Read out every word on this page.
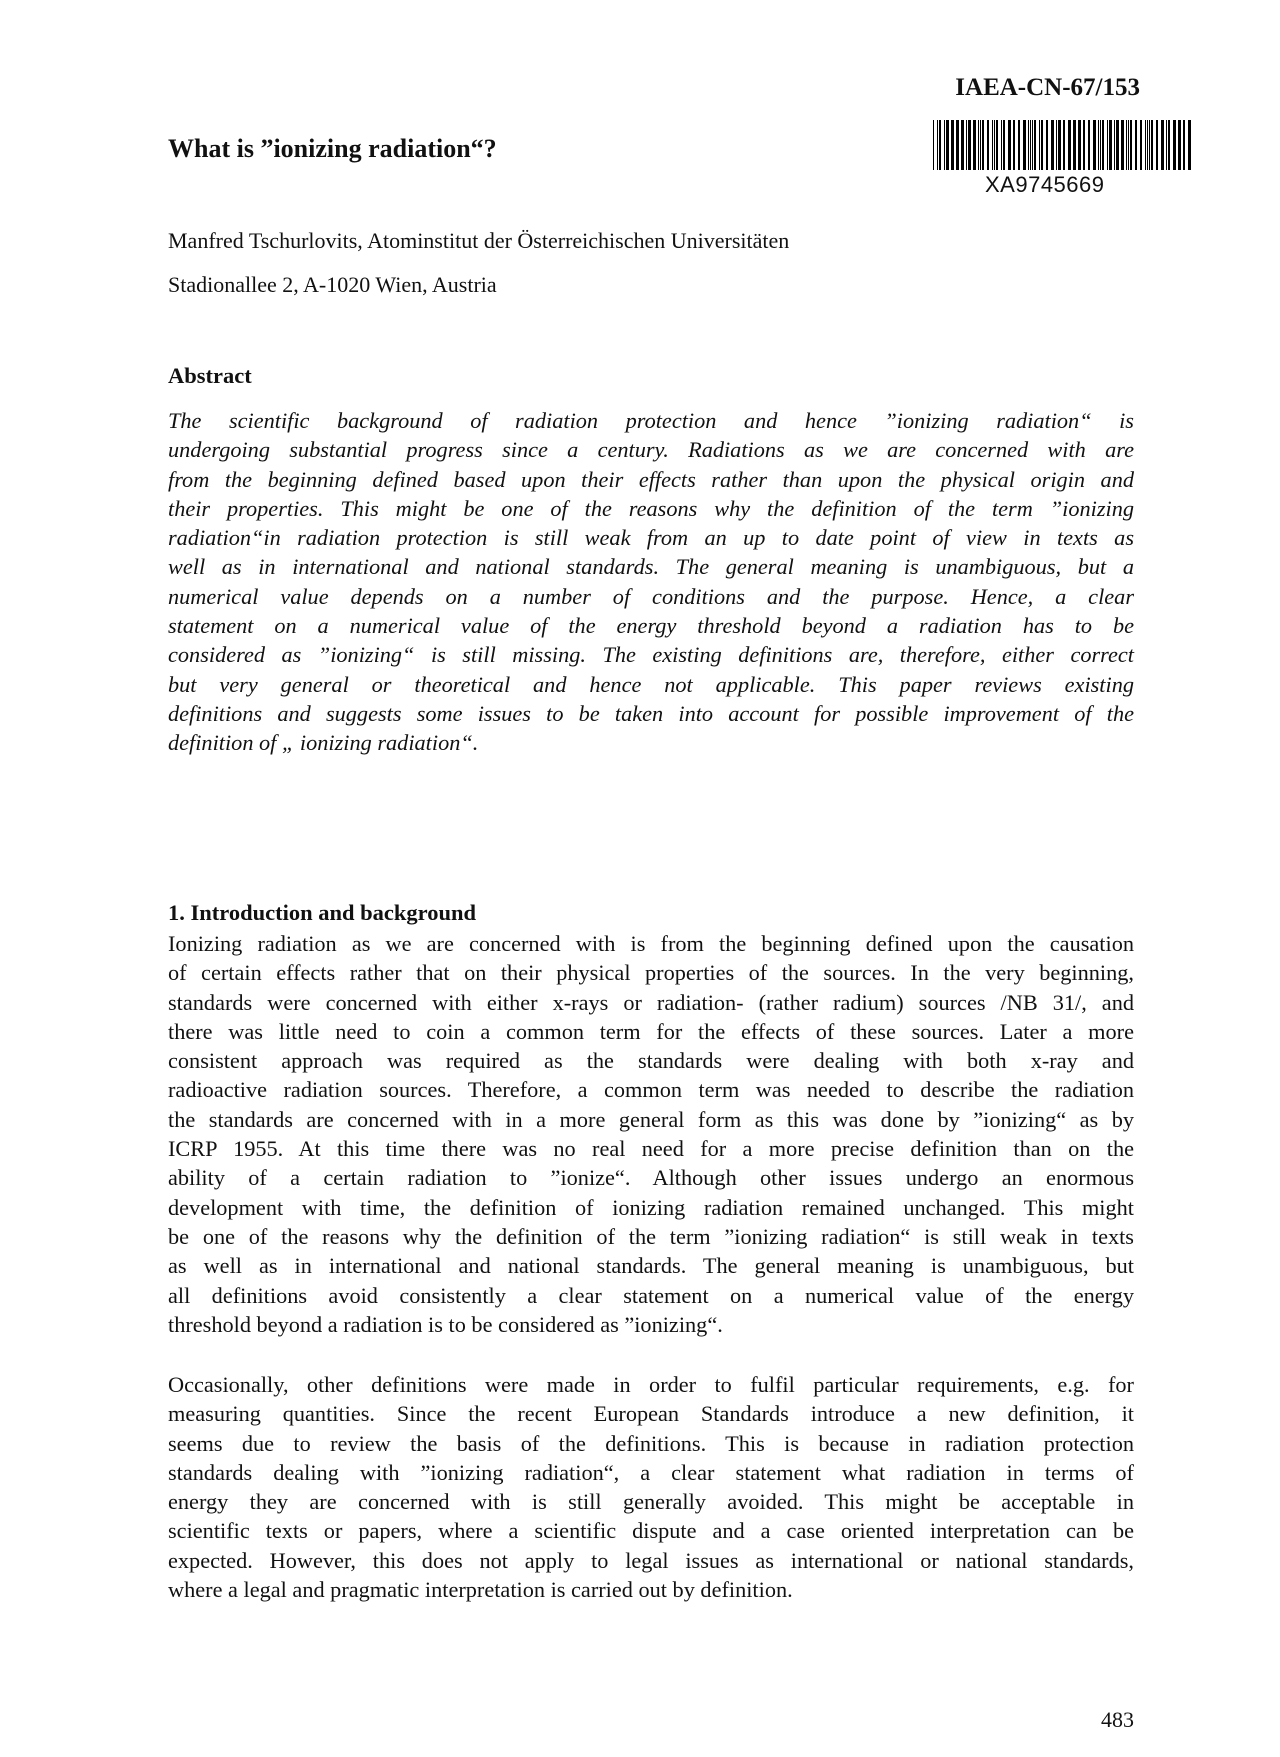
IAEA-CN-67/153
XA9745669
What is ”ionizing radiation“?
Manfred Tschurlovits, Atominstitut der Österreichischen Universitäten
Stadionallee 2, A-1020 Wien, Austria
Abstract
The scientific background of radiation protection and hence ”ionizing radiation“ is
undergoing substantial progress since a century. Radiations as we are concerned with are
from the beginning defined based upon their effects rather than upon the physical origin and
their properties. This might be one of the reasons why the definition of the term ”ionizing
radiation“in radiation protection is still weak from an up to date point of view in texts as
well as in international and national standards. The general meaning is unambiguous, but a
numerical value depends on a number of conditions and the purpose. Hence, a clear
statement on a numerical value of the energy threshold beyond a radiation has to be
considered as ”ionizing“ is still missing. The existing definitions are, therefore, either correct
but very general or theoretical and hence not applicable. This paper reviews existing
definitions and suggests some issues to be taken into account for possible improvement of the
definition of „ ionizing radiation“.
1. Introduction and background
Ionizing radiation as we are concerned with is from the beginning defined upon the causation
of certain effects rather that on their physical properties of the sources. In the very beginning,
standards were concerned with either x-rays or radiation- (rather radium) sources /NB 31/, and
there was little need to coin a common term for the effects of these sources. Later a more
consistent approach was required as the standards were dealing with both x-ray and
radioactive radiation sources. Therefore, a common term was needed to describe the radiation
the standards are concerned with in a more general form as this was done by ”ionizing“ as by
ICRP 1955. At this time there was no real need for a more precise definition than on the
ability of a certain radiation to ”ionize“. Although other issues undergo an enormous
development with time, the definition of ionizing radiation remained unchanged. This might
be one of the reasons why the definition of the term ”ionizing radiation“ is still weak in texts
as well as in international and national standards. The general meaning is unambiguous, but
all definitions avoid consistently a clear statement on a numerical value of the energy
threshold beyond a radiation is to be considered as ”ionizing“.
Occasionally, other definitions were made in order to fulfil particular requirements, e.g. for
measuring quantities. Since the recent European Standards introduce a new definition, it
seems due to review the basis of the definitions. This is because in radiation protection
standards dealing with ”ionizing radiation“, a clear statement what radiation in terms of
energy they are concerned with is still generally avoided. This might be acceptable in
scientific texts or papers, where a scientific dispute and a case oriented interpretation can be
expected. However, this does not apply to legal issues as international or national standards,
where a legal and pragmatic interpretation is carried out by definition.
483
